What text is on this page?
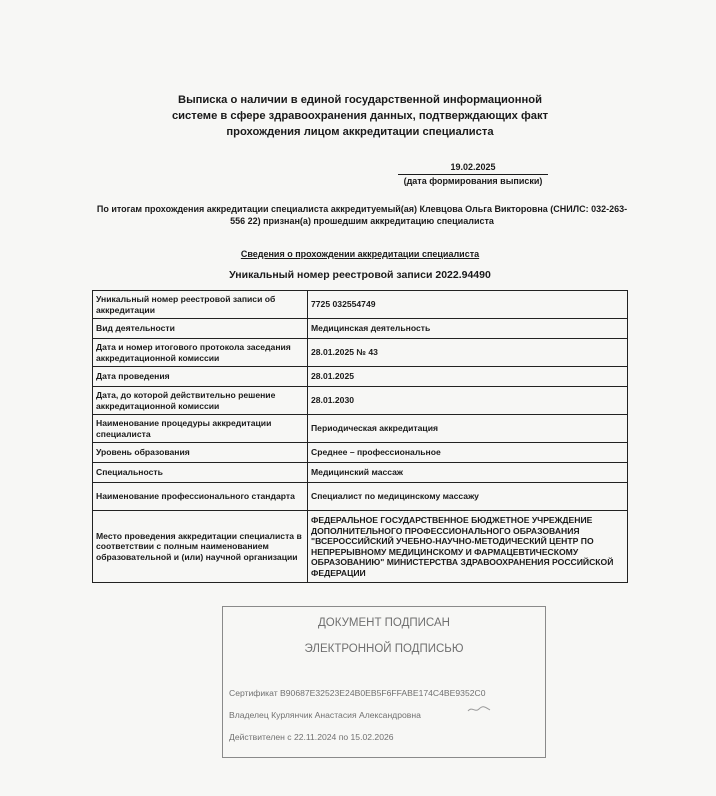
Выписка о наличии в единой государственной информационной
системе в сфере здравоохранения данных, подтверждающих факт
прохождения лицом аккредитации специалиста
19.02.2025
(дата формирования выписки)
По итогам прохождения аккредитации специалиста аккредитуемый(ая) Клевцова Ольга Викторовна (СНИЛС: 032-263-
556 22) признан(а) прошедшим аккредитацию специалиста
Сведения о прохождении аккредитации специалиста
Уникальный номер реестровой записи 2022.94490
Уникальный номер реестровой записи об аккредитации	7725 032554749
Вид деятельности	Медицинская деятельность
Дата и номер итогового протокола заседания аккредитационной комиссии	28.01.2025 № 43
Дата проведения	28.01.2025
Дата, до которой действительно решение аккредитационной комиссии	28.01.2030
Наименование процедуры аккредитации специалиста	Периодическая аккредитация
Уровень образования	Среднее – профессиональное
Специальность	Медицинский массаж
Наименование профессионального стандарта	Специалист по медицинскому массажу
Место проведения аккредитации специалиста в соответствии с полным наименованием образовательной и (или) научной организации	ФЕДЕРАЛЬНОЕ ГОСУДАРСТВЕННОЕ БЮДЖЕТНОЕ УЧРЕЖДЕНИЕ ДОПОЛНИТЕЛЬНОГО ПРОФЕССИОНАЛЬНОГО ОБРАЗОВАНИЯ "ВСЕРОССИЙСКИЙ УЧЕБНО-НАУЧНО-МЕТОДИЧЕСКИЙ ЦЕНТР ПО НЕПРЕРЫВНОМУ МЕДИЦИНСКОМУ И ФАРМАЦЕВТИЧЕСКОМУ ОБРАЗОВАНИЮ" МИНИСТЕРСТВА ЗДРАВООХРАНЕНИЯ РОССИЙСКОЙ ФЕДЕРАЦИИ
ДОКУМЕНТ ПОДПИСАН
ЭЛЕКТРОННОЙ ПОДПИСЬЮ
Сертификат B90687E32523E24B0EB5F6FFABE174C4BE9352C0
Владелец Курлянчик Анастасия Александровна
Действителен с 22.11.2024 по 15.02.2026
